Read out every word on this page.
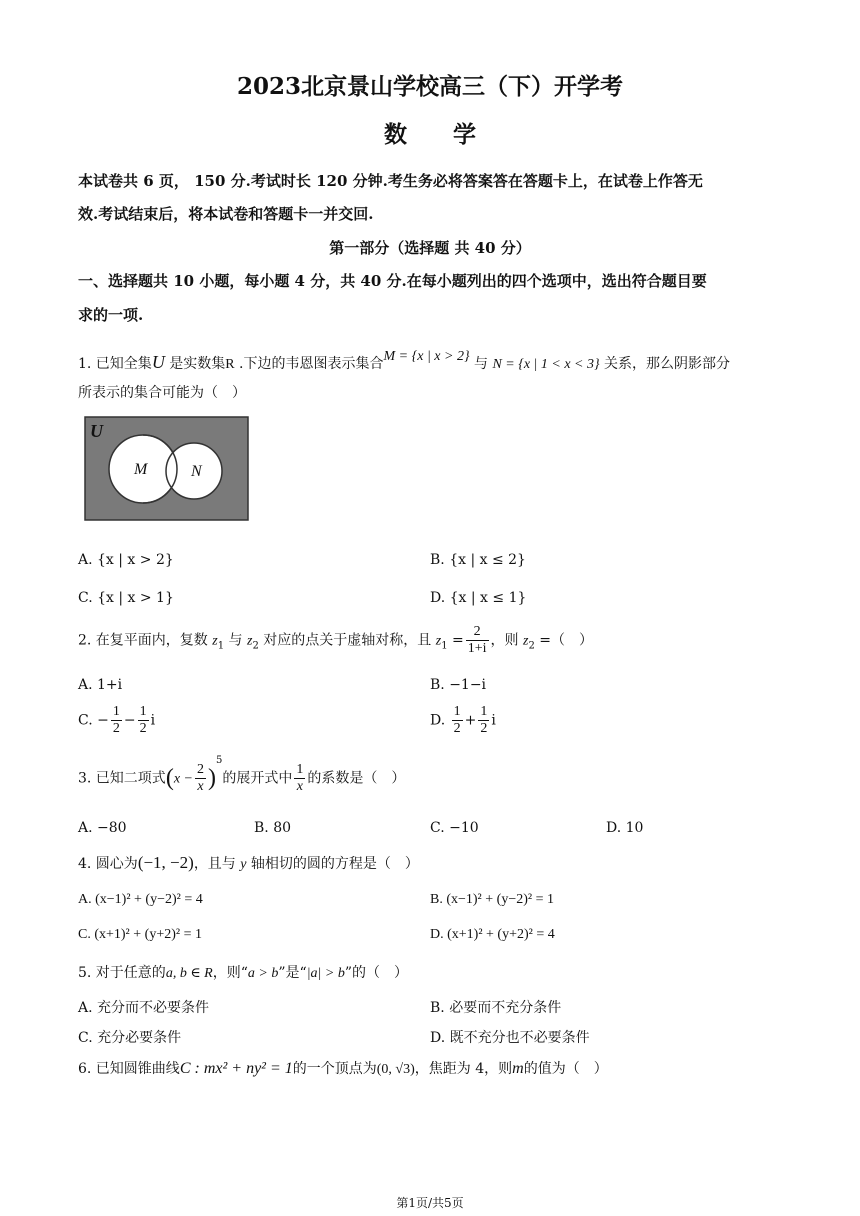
2023北京景山学校高三（下）开学考
数　　学
本试卷共 6 页， 150 分.考试时长 120 分钟.考生务必将答案答在答题卡上，在试卷上作答无
效.考试结束后，将本试卷和答题卡一并交回.
第一部分（选择题 共 40 分）
一、选择题共 10 小题，每小题 4 分，共 40 分.在每小题列出的四个选项中，选出符合题目要
求的一项.
1. 已知全集U 是实数集R .下边的韦恩图表示集合M = {x | x > 2} 与 N = {x | 1 < x < 3} 关系，那么阴影部分
所表示的集合可能为（　）
U
M	N
A. {x | x > 2}	B. {x | x ≤ 2}
C. {x | x > 1}	D. {x | x ≤ 1}
2. 在复平面内，复数 $z_1$ 与 $z_2$ 对应的点关于虚轴对称，且 $z_1 = \frac{2}{1+i}$ ，则 $z_2$ =（　）
A. 1+i	B. −1−i
C. − $\frac{1}{2} - \frac{1}{2}$ i	D. $\frac{1}{2} + \frac{1}{2}$ i
3. 已知二项式$(x - \frac{2}{x} )^5$的展开式中 $\frac{1}{x}$ 的系数是（　）
A. −80	B. 80	C. −10	D. 10
4. 圆心为(−1, −2)，且与 y 轴相切的圆的方程是（　）
A. (x−1)² + (y−2)² = 4	B. (x−1)² + (y−2)² = 1
C. (x+1)² + (y+2)² = 1	D. (x+1)² + (y+2)² = 4
5. 对于任意的a, b ∈ R，则“a > b”是“|a| > b”的（　）
A. 充分而不必要条件	B. 必要而不充分条件
C. 充分必要条件	D. 既不充分也不必要条件
6. 已知圆锥曲线C : mx² + ny² = 1的一个顶点为(0, √3)，焦距为 4，则m的值为（　）
第1页/共5页
